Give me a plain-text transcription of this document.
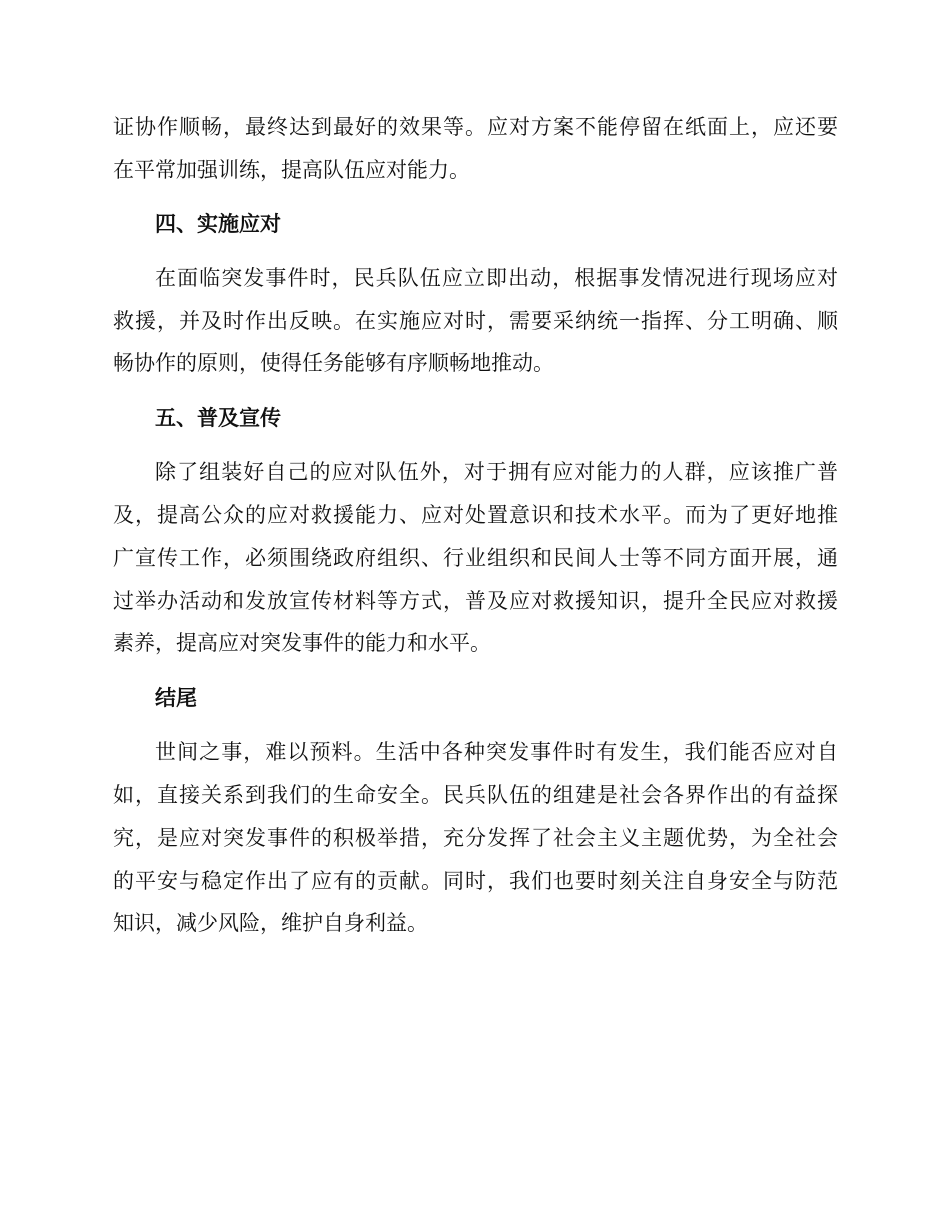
证协作顺畅，最终达到最好的效果等。应对方案不能停留在纸面上，应还要
在平常加强训练，提高队伍应对能力。
四、实施应对
在面临突发事件时，民兵队伍应立即出动，根据事发情况进行现场应对
救援，并及时作出反映。在实施应对时，需要采纳统一指挥、分工明确、顺
畅协作的原则，使得任务能够有序顺畅地推动。
五、普及宣传
除了组装好自己的应对队伍外，对于拥有应对能力的人群，应该推广普
及，提高公众的应对救援能力、应对处置意识和技术水平。而为了更好地推
广宣传工作，必须围绕政府组织、行业组织和民间人士等不同方面开展，通
过举办活动和发放宣传材料等方式，普及应对救援知识，提升全民应对救援
素养，提高应对突发事件的能力和水平。
结尾
世间之事，难以预料。生活中各种突发事件时有发生，我们能否应对自
如，直接关系到我们的生命安全。民兵队伍的组建是社会各界作出的有益探
究，是应对突发事件的积极举措，充分发挥了社会主义主题优势，为全社会
的平安与稳定作出了应有的贡献。同时，我们也要时刻关注自身安全与防范
知识，减少风险，维护自身利益。
